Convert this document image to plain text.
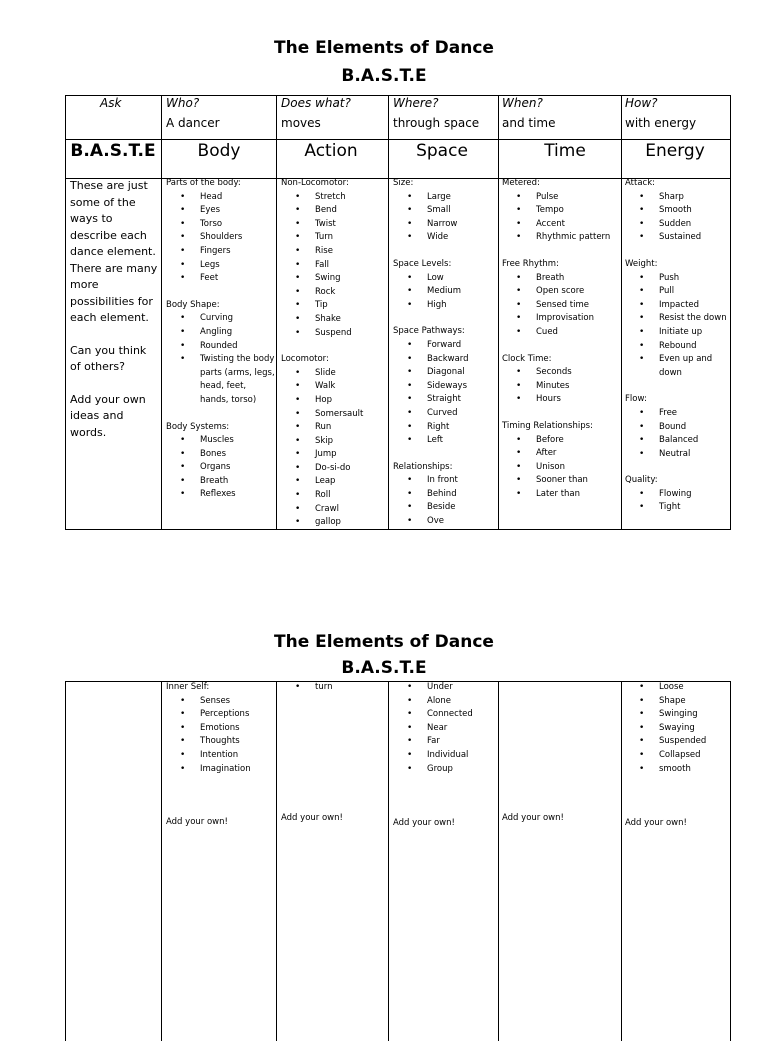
The Elements of Dance
B.A.S.T.E
Ask	Who?
A dancer
Does what?
moves
Where?
through space
When?
and time
How?
with energy
B.A.S.T.E	Body	Action	Space	Time	Energy
These are just some of the ways to describe each dance element. There are many more possibilities for each element.
Can you think of others?
Add your own ideas and words.
Parts of the body:
• Head
• Eyes
• Torso
• Shoulders
• Fingers
• Legs
• Feet
Body Shape:
• Curving
• Angling
• Rounded
• Twisting the body parts (arms, legs, head, feet, hands, torso)
Body Systems:
• Muscles
• Bones
• Organs
• Breath
• Reflexes
Non-Locomotor:
• Stretch
• Bend
• Twist
• Turn
• Rise
• Fall
• Swing
• Rock
• Tip
• Shake
• Suspend
Locomotor:
• Slide
• Walk
• Hop
• Somersault
• Run
• Skip
• Jump
• Do-si-do
• Leap
• Roll
• Crawl
• gallop
Size:
• Large
• Small
• Narrow
• Wide
Space Levels:
• Low
• Medium
• High
Space Pathways:
• Forward
• Backward
• Diagonal
• Sideways
• Straight
• Curved
• Right
• Left
Relationships:
• In front
• Behind
• Beside
• Ove
Metered:
• Pulse
• Tempo
• Accent
• Rhythmic pattern
Free Rhythm:
• Breath
• Open score
• Sensed time
• Improvisation
• Cued
Clock Time:
• Seconds
• Minutes
• Hours
Timing Relationships:
• Before
• After
• Unison
• Sooner than
• Later than
Attack:
• Sharp
• Smooth
• Sudden
• Sustained
Weight:
• Push
• Pull
• Impacted
• Resist the down
• Initiate up
• Rebound
• Even up and down
Flow:
• Free
• Bound
• Balanced
• Neutral
Quality:
• Flowing
• Tight
The Elements of Dance
B.A.S.T.E
Inner Self:
• Senses
• Perceptions
• Emotions
• Thoughts
• Intention
• Imagination
• turn
•	Under
• Alone
• Connected
• Near
• Far
• Individual
• Group
• Loose
• Shape
• Swinging
• Swaying
• Suspended
• Collapsed
• smooth
Add your own!	Add your own!	Add your own!	Add your own!	Add your own!
